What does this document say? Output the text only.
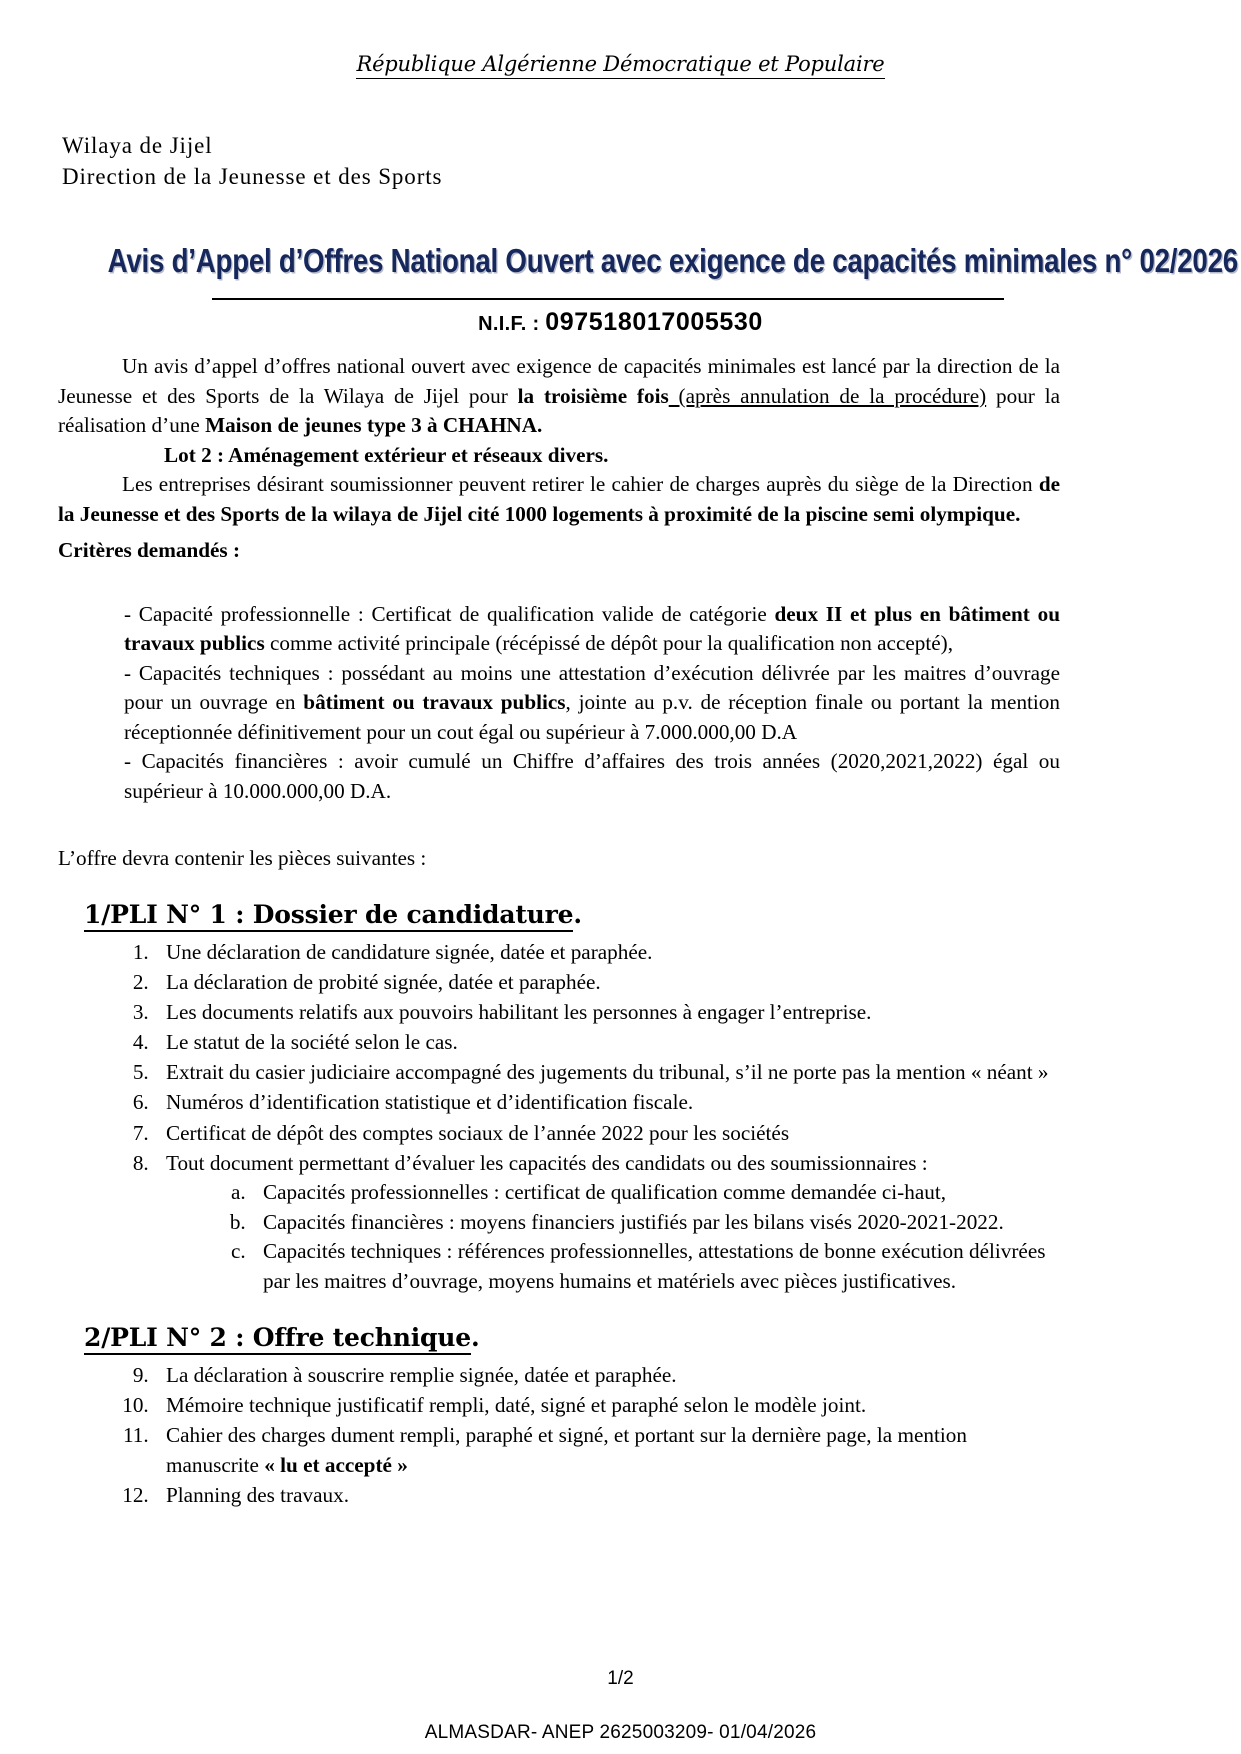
République Algérienne Démocratique et Populaire
Wilaya de Jijel
Direction de la Jeunesse et des Sports
Avis d’Appel d’Offres National Ouvert avec exigence de capacités minimales n° 02/2026
N.I.F. : 097518017005530

Un avis d’appel d’offres national ouvert avec exigence de capacités minimales est lancé par la direction de la Jeunesse et des Sports de la Wilaya de Jijel pour la troisième fois (après annulation de la procédure) pour la réalisation d’une Maison de jeunes type 3 à CHAHNA.

Lot 2 : Aménagement extérieur et réseaux divers.

Les entreprises désirant soumissionner peuvent retirer le cahier de charges auprès du siège de la Direction de la Jeunesse et des Sports de la wilaya de Jijel cité 1000 logements à proximité de la piscine semi olympique.

Critères demandés :

- Capacité professionnelle : Certificat de qualification valide de catégorie deux II et plus en bâtiment ou travaux publics comme activité principale (récépissé de dépôt pour la qualification non accepté),

- Capacités techniques : possédant au moins une attestation d’exécution délivrée par les maitres d’ouvrage pour un ouvrage en bâtiment ou travaux publics, jointe au p.v. de réception finale ou portant la mention réceptionnée définitivement pour un cout égal ou supérieur à 7.000.000,00 D.A

- Capacités financières : avoir cumulé un Chiffre d’affaires des trois années (2020,2021,2022) égal ou supérieur à 10.000.000,00 D.A.

L’offre devra contenir les pièces suivantes :

1/PLI N° 1 : Dossier de candidature.

1. Une déclaration de candidature signée, datée et paraphée.
2. La déclaration de probité signée, datée et paraphée.
3. Les documents relatifs aux pouvoirs habilitant les personnes à engager l’entreprise.
4. Le statut de la société selon le cas.
5. Extrait du casier judiciaire accompagné des jugements du tribunal, s’il ne porte pas la mention « néant »
6. Numéros d’identification statistique et d’identification fiscale.
7. Certificat de dépôt des comptes sociaux de l’année 2022 pour les sociétés
8. Tout document permettant d’évaluer les capacités des candidats ou des soumissionnaires :
a. Capacités professionnelles : certificat de qualification comme demandée ci-haut,
b. Capacités financières : moyens financiers justifiés par les bilans visés 2020-2021-2022.
c. Capacités techniques : références professionnelles, attestations de bonne exécution délivrées par les maitres d’ouvrage, moyens humains et matériels avec pièces justificatives.

2/PLI N° 2 : Offre technique.

9. La déclaration à souscrire remplie signée, datée et paraphée.
10. Mémoire technique justificatif rempli, daté, signé et paraphé selon le modèle joint.
11. Cahier des charges dument rempli, paraphé et signé, et portant sur la dernière page, la mention manuscrite « lu et accepté »
12. Planning des travaux.
1/2
ALMASDAR- ANEP 2625003209- 01/04/2026
